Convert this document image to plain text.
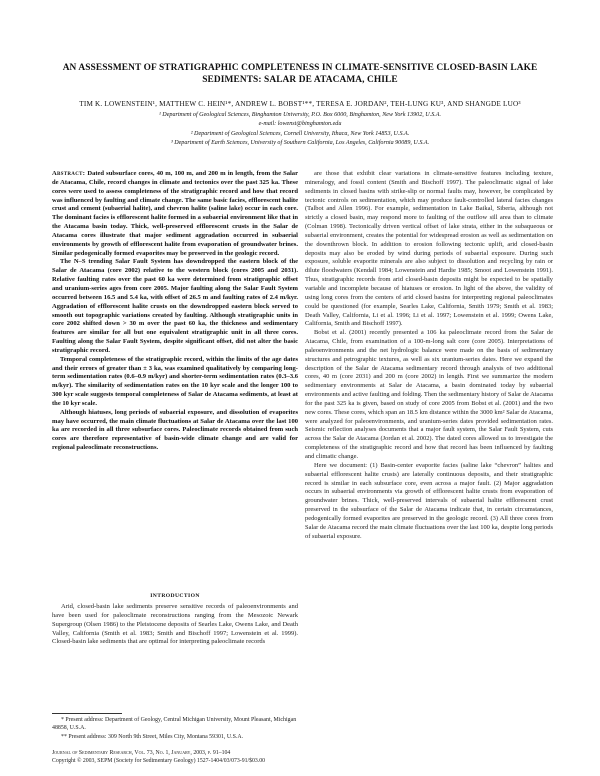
AN ASSESSMENT OF STRATIGRAPHIC COMPLETENESS IN CLIMATE-SENSITIVE CLOSED-BASIN LAKE
SEDIMENTS: SALAR DE ATACAMA, CHILE
TIM K. LOWENSTEIN¹, MATTHEW C. HEIN¹*, ANDREW L. BOBST¹**, TERESA E. JORDAN², TEH-LUNG KU³, AND SHANGDE LUO³
¹ Department of Geological Sciences, Binghamton University, P.O. Box 6000, Binghamton, New York 13902, U.S.A.
e-mail: lowenst@binghamton.edu
² Department of Geological Sciences, Cornell University, Ithaca, New York 14853, U.S.A.
³ Department of Earth Sciences, University of Southern California, Los Angeles, California 90089, U.S.A.

Abstract: Dated subsurface cores, 40 m, 100 m, and 200 m in length, from the Salar de Atacama, Chile, record changes in climate and tectonics over the past 325 ka. These cores were used to assess completeness of the stratigraphic record and how that record was influenced by faulting and climate change. The same basic facies, efflorescent halite crust and cement (subaerial halite), and chevron halite (saline lake) occur in each core. The dominant facies is efflorescent halite formed in a subaerial environment like that in the Atacama basin today. Thick, well-preserved efflorescent crusts in the Salar de Atacama cores illustrate that major sediment aggradation occurred in subaerial environments by growth of efflorescent halite from evaporation of groundwater brines. Similar pedogenically formed evaporites may be preserved in the geologic record.

The N–S trending Salar Fault System has downdropped the eastern block of the Salar de Atacama (core 2002) relative to the western block (cores 2005 and 2031). Relative faulting rates over the past 60 ka were determined from stratigraphic offset and uranium-series ages from core 2005. Major faulting along the Salar Fault System occurred between 16.5 and 5.4 ka, with offset of 26.5 m and faulting rates of 2.4 m/kyr. Aggradation of efflorescent halite crusts on the downdropped eastern block served to smooth out topographic variations created by faulting. Although stratigraphic units in core 2002 shifted down > 30 m over the past 60 ka, the thickness and sedimentary features are similar for all but one equivalent stratigraphic unit in all three cores. Faulting along the Salar Fault System, despite significant offset, did not alter the basic stratigraphic record.

Temporal completeness of the stratigraphic record, within the limits of the age dates and their errors of greater than ± 3 ka, was examined qualitatively by comparing long-term sedimentation rates (0.6–0.9 m/kyr) and shorter-term sedimentation rates (0.3–3.6 m/kyr). The similarity of sedimentation rates on the 10 kyr scale and the longer 100 to 300 kyr scale suggests temporal completeness of Salar de Atacama sediments, at least at the 10 kyr scale.

Although hiatuses, long periods of subaerial exposure, and dissolution of evaporites may have occurred, the main climate fluctuations at Salar de Atacama over the last 100 ka are recorded in all three subsurface cores. Paleoclimate records obtained from such cores are therefore representative of basin-wide climate change and are valid for regional paleoclimate reconstructions.

INTRODUCTION

Arid, closed-basin lake sediments preserve sensitive records of paleoenvironments and have been used for paleoclimate reconstructions ranging from the Mesozoic Newark Supergroup (Olsen 1986) to the Pleistocene deposits of Searles Lake, Owens Lake, and Death Valley, California (Smith et al. 1983; Smith and Bischoff 1997; Lowenstein et al. 1999). Closed-basin lake sediments that are optimal for interpreting paleoclimate records

* Present address: Department of Geology, Central Michigan University, Mount Pleasant, Michigan 48858, U.S.A.
** Present address: 309 North 9th Street, Miles City, Montana 59301, U.S.A.
Journal of Sedimentary Research, Vol. 73, No. 1, January, 2003, p. 91–104
Copyright © 2003, SEPM (Society for Sedimentary Geology) 1527-1404/03/073-91/$03.00

are those that exhibit clear variations in climate-sensitive features including texture, mineralogy, and fossil content (Smith and Bischoff 1997). The paleoclimatic signal of lake sediments in closed basins with strike-slip or normal faults may, however, be complicated by tectonic controls on sedimentation, which may produce fault-controlled lateral facies changes (Talbot and Allen 1996). For example, sedimentation in Lake Baikal, Siberia, although not strictly a closed basin, may respond more to faulting of the outflow sill area than to climate (Colman 1998). Tectonically driven vertical offset of lake strata, either in the subaqueous or subaerial environment, creates the potential for widespread erosion as well as sedimentation on the downthrown block. In addition to erosion following tectonic uplift, arid closed-basin deposits may also be eroded by wind during periods of subaerial exposure. During such exposure, soluble evaporite minerals are also subject to dissolution and recycling by rain or dilute floodwaters (Kendall 1984; Lowenstein and Hardie 1985; Smoot and Lowenstein 1991). Thus, stratigraphic records from arid closed-basin deposits might be expected to be spatially variable and incomplete because of hiatuses or erosion. In light of the above, the validity of using long cores from the centers of arid closed basins for interpreting regional paleoclimates could be questioned (for example, Searles Lake, California, Smith 1979; Smith et al. 1983; Death Valley, California, Li et al. 1996; Li et al. 1997; Lowenstein et al. 1999; Owens Lake, California, Smith and Bischoff 1997).

Bobst et al. (2001) recently presented a 106 ka paleoclimate record from the Salar de Atacama, Chile, from examination of a 100-m-long salt core (core 2005). Interpretations of paleoenvironments and the net hydrologic balance were made on the basis of sedimentary structures and petrographic textures, as well as six uranium-series dates. Here we expand the description of the Salar de Atacama sedimentary record through analysis of two additional cores, 40 m (core 2031) and 200 m (core 2002) in length. First we summarize the modern sedimentary environments at Salar de Atacama, a basin dominated today by subaerial environments and active faulting and folding. Then the sedimentary history of Salar de Atacama for the past 325 ka is given, based on study of core 2005 from Bobst et al. (2001) and the two new cores. These cores, which span an 18.5 km distance within the 3000 km² Salar de Atacama, were analyzed for paleoenvironments, and uranium-series dates provided sedimentation rates. Seismic reflection analyses documents that a major fault system, the Salar Fault System, cuts across the Salar de Atacama (Jordan et al. 2002). The dated cores allowed us to investigate the completeness of the stratigraphic record and how that record has been influenced by faulting and climatic change.

Here we document: (1) Basin-center evaporite facies (saline lake “chevron” halites and subaerial efflorescent halite crusts) are laterally continuous deposits, and their stratigraphic record is similar in each subsurface core, even across a major fault. (2) Major aggradation occurs in subaerial environments via growth of efflorescent halite crusts from evaporation of groundwater brines. Thick, well-preserved intervals of subaerial halite efflorescent crust preserved in the subsurface of the Salar de Atacama indicate that, in certain circumstances, pedogenically formed evaporites are preserved in the geologic record. (3) All three cores from Salar de Atacama record the main climate fluctuations over the last 100 ka, despite long periods of subaerial exposure.
